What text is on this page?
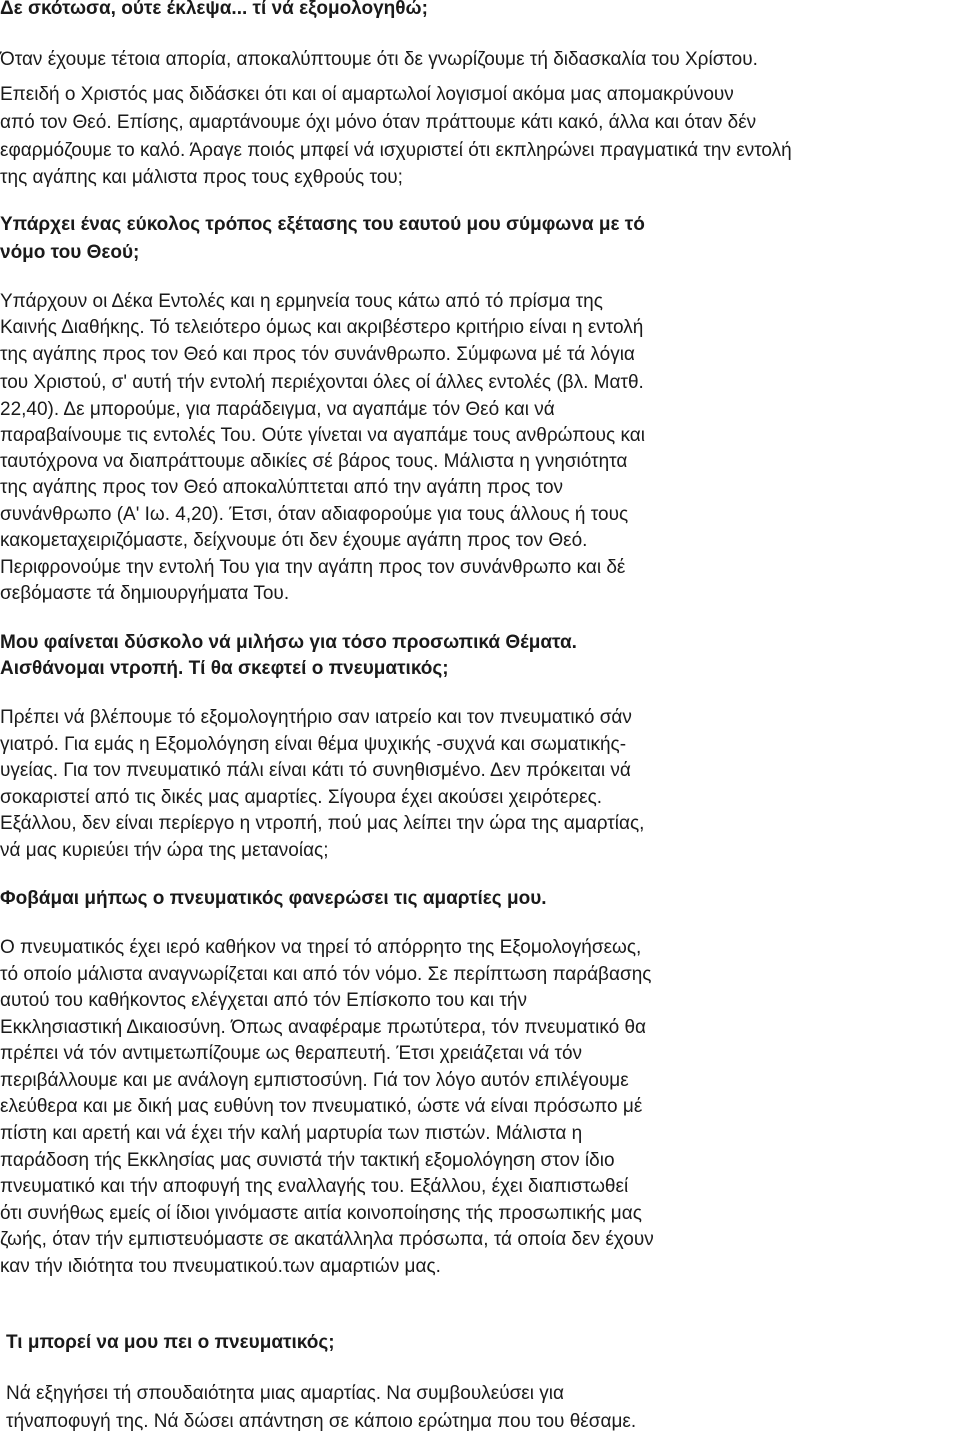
Δε σκότωσα, ούτε έκλεψα... τί νά εξομολογηθώ;
Όταν έχουμε τέτοια απορία, αποκαλύπτουμε ότι δε γνωρίζουμε τή διδασκαλία του Χρίστου.
Επειδή ο Χριστός μας διδάσκει ότι και οί αμαρτωλοί λογισμοί ακόμα μας απομακρύνουν
από τον Θεό. Επίσης, αμαρτάνουμε όχι μόνο όταν πράττουμε κάτι κακό, άλλα και όταν δέν
εφαρμόζουμε το καλό. Άραγε ποιός μπφεί νά ισχυριστεί ότι εκπληρώνει πραγματικά την εντολή
της αγάπης και μάλιστα προς τους εχθρούς του;
Υπάρχει ένας εύκολος τρόπος εξέτασης του εαυτού μου σύμφωνα με τό
νόμο του Θεού;
Υπάρχουν οι Δέκα Εντολές και η ερμηνεία τους κάτω από τό πρίσμα της
Καινής Διαθήκης. Τό τελειότερο όμως και ακριβέστερο κριτήριο είναι η εντολή
της αγάπης προς τον Θεό και προς τόν συνάνθρωπο. Σύμφωνα μέ τά λόγια
του Χριστού, σ' αυτή τήν εντολή περιέχονται όλες οί άλλες εντολές (βλ. Ματθ.
22,40). Δε μπορούμε, για παράδειγμα, να αγαπάμε τόν Θεό και νά
παραβαίνουμε τις εντολές Του. Ούτε γίνεται να αγαπάμε τους ανθρώπους και
ταυτόχρονα να διαπράττουμε αδικίες σέ βάρος τους. Μάλιστα η γνησιότητα
της αγάπης προς τον Θεό αποκαλύπτεται από την αγάπη προς τον
συνάνθρωπο (Α' Ιω. 4,20). Έτσι, όταν αδιαφορούμε για τους άλλους ή τους
κακομεταχειριζόμαστε, δείχνουμε ότι δεν έχουμε αγάπη προς τον Θεό.
Περιφρονούμε την εντολή Του για την αγάπη προς τον συνάνθρωπο και δέ
σεβόμαστε τά δημιουργήματα Του.
Μου φαίνεται δύσκολο νά μιλήσω για τόσο προσωπικά Θέματα.
Αισθάνομαι ντροπή. Τί θα σκεφτεί ο πνευματικός;
Πρέπει νά βλέπουμε τό εξομολογητήριο σαν ιατρείο και τον πνευματικό σάν
γιατρό. Για εμάς η Εξομολόγηση είναι θέμα ψυχικής -συχνά και σωματικής-
υγείας. Για τον πνευματικό πάλι είναι κάτι τό συνηθισμένο. Δεν πρόκειται νά
σοκαριστεί από τις δικές μας αμαρτίες. Σίγουρα έχει ακούσει χειρότερες.
Εξάλλου, δεν είναι περίεργο η ντροπή, πού μας λείπει την ώρα της αμαρτίας,
νά μας κυριεύει τήν ώρα της μετανοίας;
Φοβάμαι μήπως ο πνευματικός φανερώσει τις αμαρτίες μου.
Ο πνευματικός έχει ιερό καθήκον να τηρεί τό απόρρητο της Εξομολογήσεως,
τό οποίο μάλιστα αναγνωρίζεται και από τόν νόμο. Σε περίπτωση παράβασης
αυτού του καθήκοντος ελέγχεται από τόν Επίσκοπο του και τήν
Εκκλησιαστική Δικαιοσύνη. Όπως αναφέραμε πρωτύτερα, τόν πνευματικό θα
πρέπει νά τόν αντιμετωπίζουμε ως θεραπευτή. Έτσι χρειάζεται νά τόν
περιβάλλουμε και με ανάλογη εμπιστοσύνη. Γιά τον λόγο αυτόν επιλέγουμε
ελεύθερα και με δική μας ευθύνη τον πνευματικό, ώστε νά είναι πρόσωπο μέ
πίστη και αρετή και νά έχει τήν καλή μαρτυρία των πιστών. Μάλιστα η
παράδοση τής Εκκλησίας μας συνιστά τήν τακτική εξομολόγηση στον ίδιο
πνευματικό και τήν αποφυγή της εναλλαγής του. Εξάλλου, έχει διαπιστωθεί
ότι συνήθως εμείς οί ίδιοι γινόμαστε αιτία κοινοποίησης τής προσωπικής μας
ζωής, όταν τήν εμπιστευόμαστε σε ακατάλληλα πρόσωπα, τά οποία δεν έχουν
καν τήν ιδιότητα του πνευματικού.των αμαρτιών μας.
Τι μπορεί να μου πει ο πνευματικός;
Νά εξηγήσει τή σπουδαιότητα μιας αμαρτίας. Να συμβουλεύσει για
τήναποφυγή της. Νά δώσει απάντηση σε κάποιο ερώτημα που του θέσαμε.
